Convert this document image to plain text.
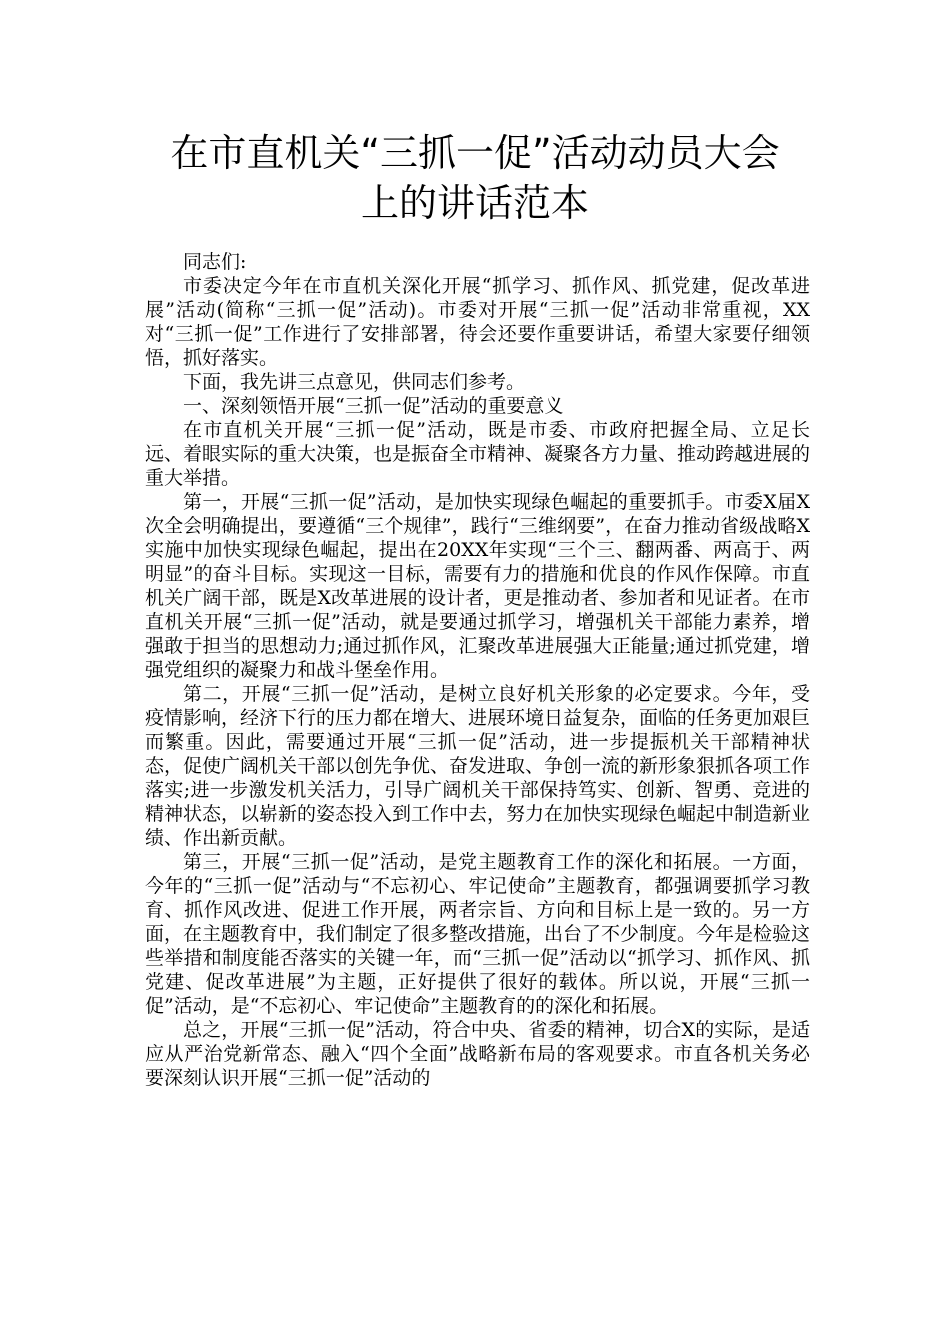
在市直机关“三抓一促”活动动员大会
上的讲话范本

同志们:

市委决定今年在市直机关深化开展“抓学习、抓作风、抓党建，促改革进展”活动(简称“三抓一促”活动)。市委对开展“三抓一促”活动非常重视，XX对“三抓一促”工作进行了安排部署，待会还要作重要讲话，希望大家要仔细领悟，抓好落实。

下面，我先讲三点意见，供同志们参考。

一、深刻领悟开展“三抓一促”活动的重要意义

在市直机关开展“三抓一促”活动，既是市委、市政府把握全局、立足长远、着眼实际的重大决策，也是振奋全市精神、凝聚各方力量、推动跨越进展的重大举措。

第一，开展“三抓一促”活动，是加快实现绿色崛起的重要抓手。市委X届X次全会明确提出，要遵循“三个规律”，践行“三维纲要”，在奋力推动省级战略X实施中加快实现绿色崛起，提出在20XX年实现“三个三、翻两番、两高于、两明显”的奋斗目标。实现这一目标，需要有力的措施和优良的作风作保障。市直机关广阔干部，既是X改革进展的设计者，更是推动者、参加者和见证者。在市直机关开展“三抓一促”活动，就是要通过抓学习，增强机关干部能力素养，增强敢于担当的思想动力;通过抓作风，汇聚改革进展强大正能量;通过抓党建，增强党组织的凝聚力和战斗堡垒作用。

第二，开展“三抓一促”活动，是树立良好机关形象的必定要求。今年，受疫情影响，经济下行的压力都在增大、进展环境日益复杂，面临的任务更加艰巨而繁重。因此，需要通过开展“三抓一促”活动，进一步提振机关干部精神状态，促使广阔机关干部以创先争优、奋发进取、争创一流的新形象狠抓各项工作落实;进一步激发机关活力，引导广阔机关干部保持笃实、创新、智勇、竞进的精神状态，以崭新的姿态投入到工作中去，努力在加快实现绿色崛起中制造新业绩、作出新贡献。

第三，开展“三抓一促”活动，是党主题教育工作的深化和拓展。一方面，今年的“三抓一促”活动与“不忘初心、牢记使命”主题教育，都强调要抓学习教育、抓作风改进、促进工作开展，两者宗旨、方向和目标上是一致的。另一方面，在主题教育中，我们制定了很多整改措施，出台了不少制度。今年是检验这些举措和制度能否落实的关键一年，而“三抓一促”活动以“抓学习、抓作风、抓党建、促改革进展”为主题，正好提供了很好的载体。所以说，开展“三抓一促”活动，是“不忘初心、牢记使命”主题教育的的深化和拓展。

总之，开展“三抓一促”活动，符合中央、省委的精神，切合X的实际，是适应从严治党新常态、融入“四个全面”战略新布局的客观要求。市直各机关务必要深刻认识开展“三抓一促”活动的
